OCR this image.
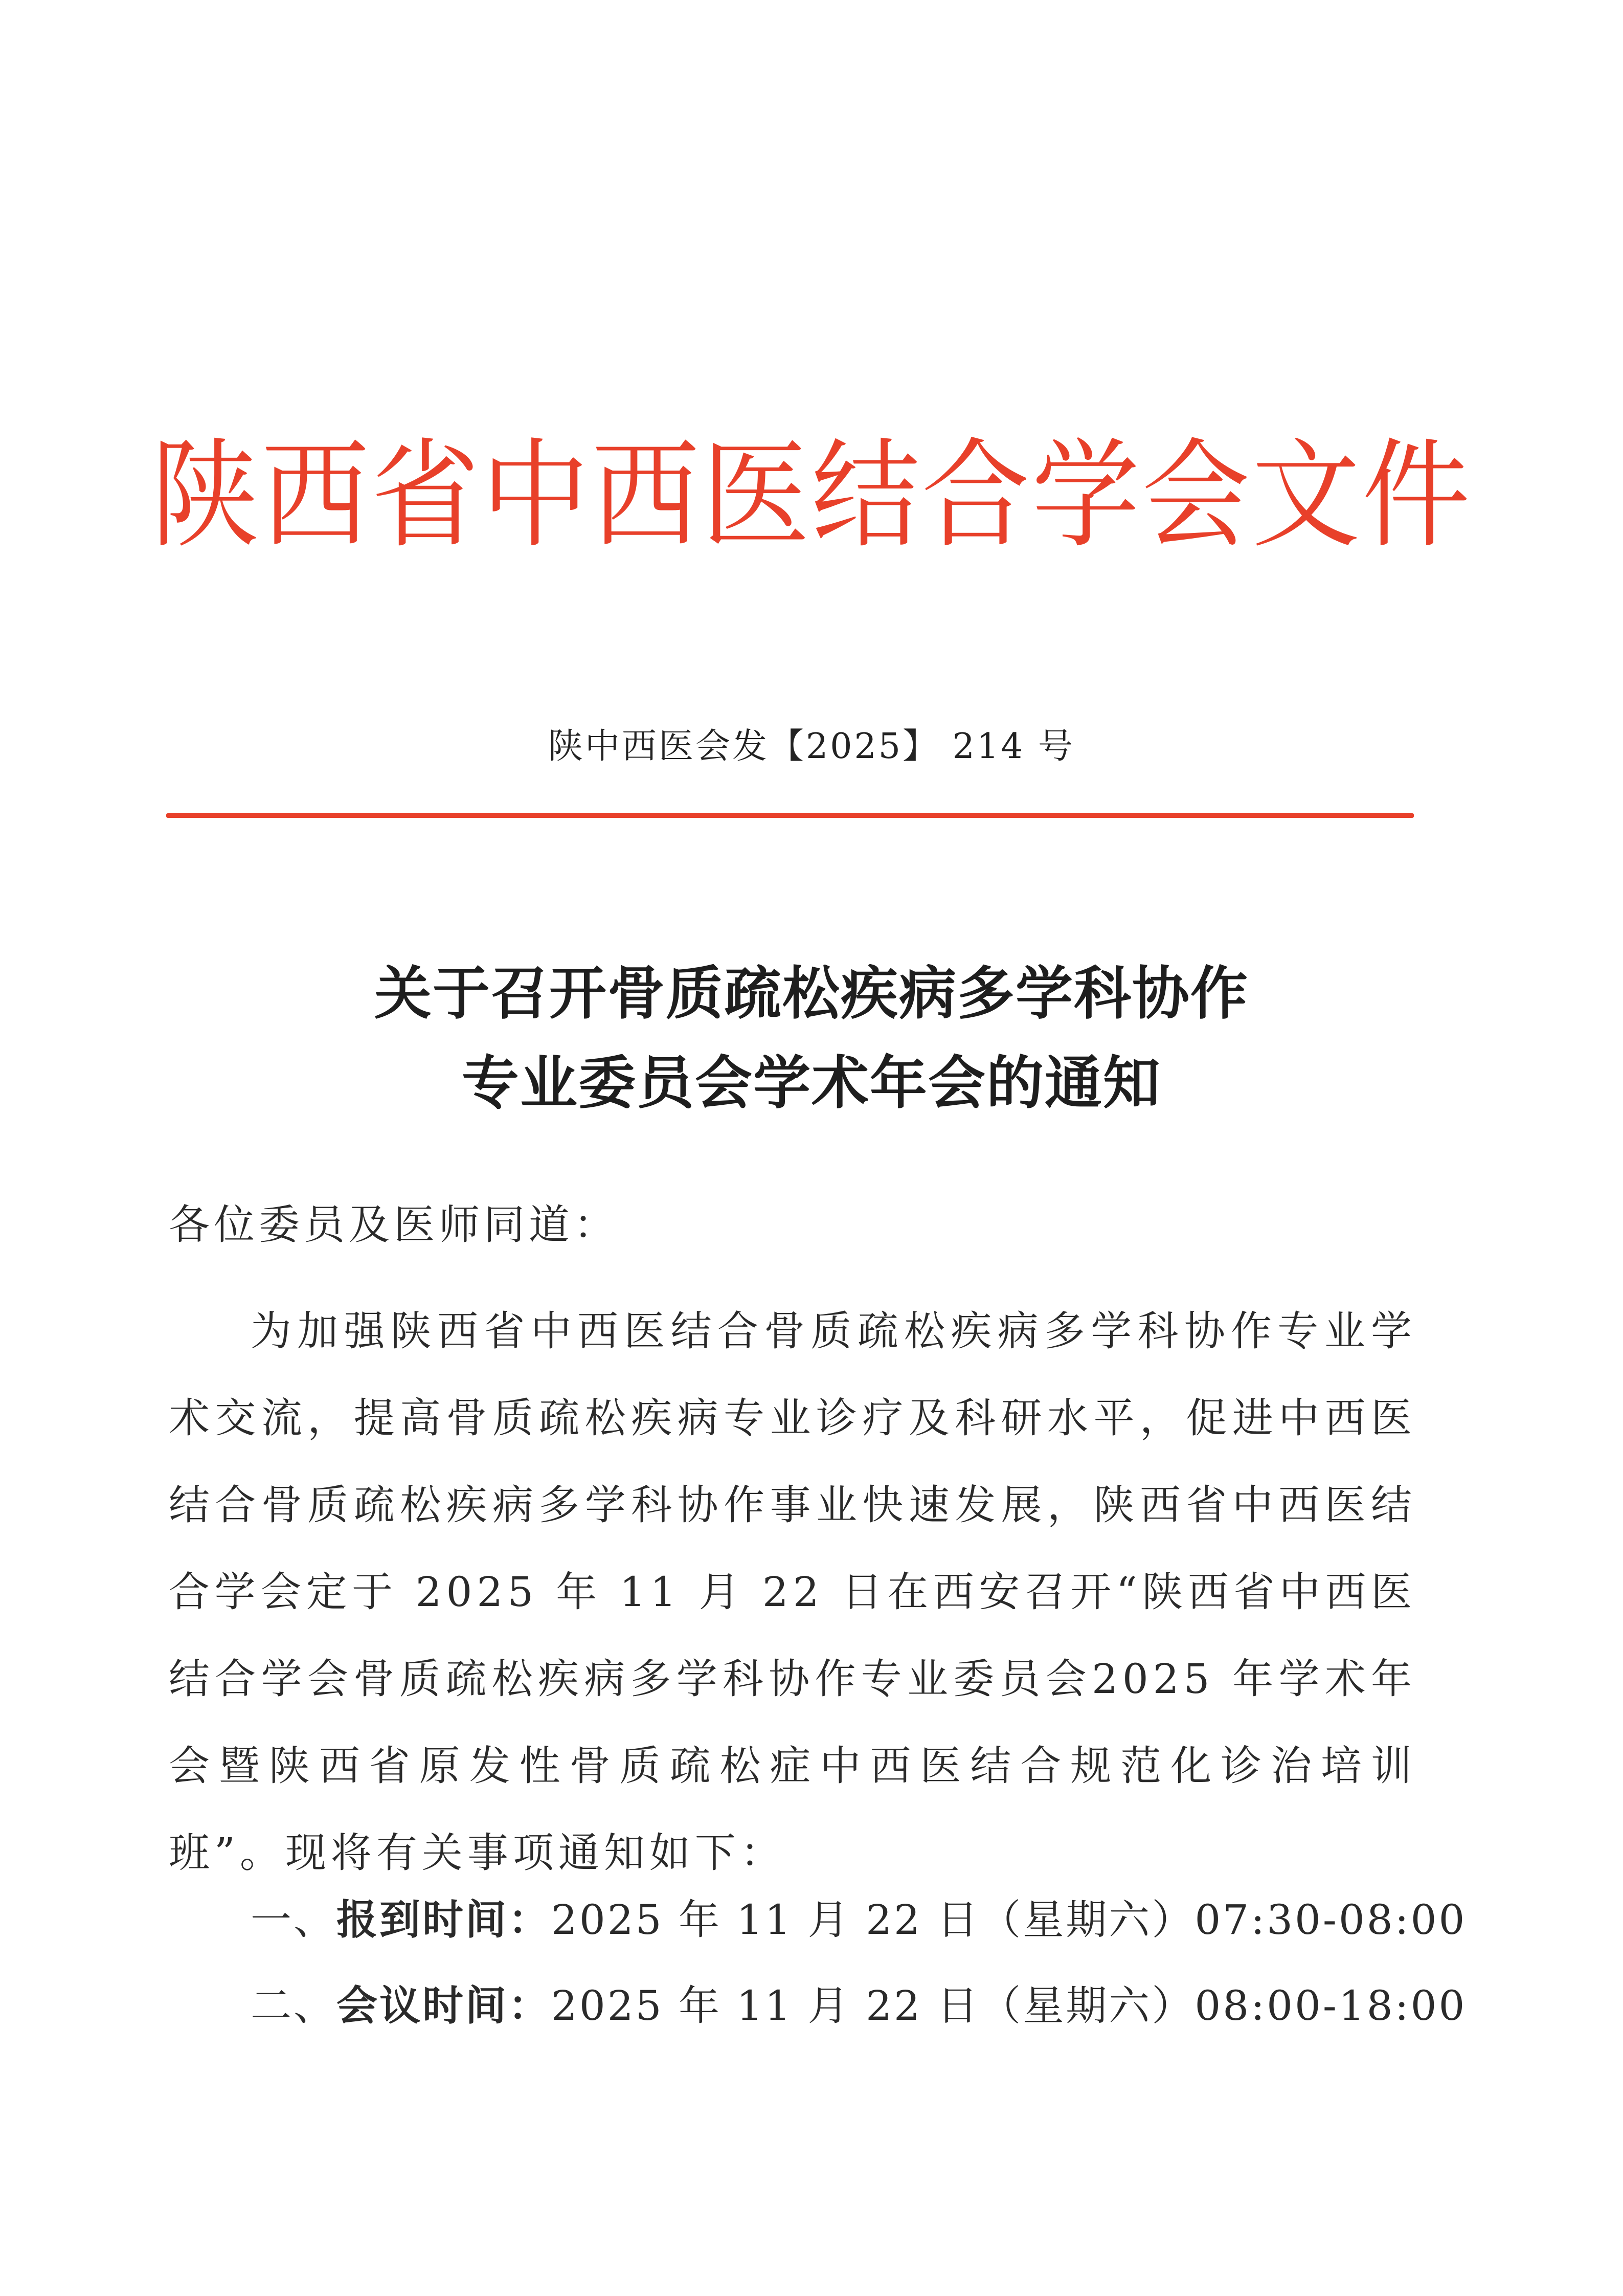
陕西省中西医结合学会文件
陕中西医会发【2025】 214 号
关于召开骨质疏松疾病多学科协作
专业委员会学术年会的通知
各位委员及医师同道：
为加强陕西省中西医结合骨质疏松疾病多学科协作专业学术交流，提高骨质疏松疾病专业诊疗及科研水平，促进中西医结合骨质疏松疾病多学科协作事业快速发展，陕西省中西医结合学会定于 2025 年 11 月 22 日在西安召开“陕西省中西医结合学会骨质疏松疾病多学科协作专业委员会2025 年学术年会暨陕西省原发性骨质疏松症中西医结合规范化诊治培训班”。现将有关事项通知如下：
一、报到时间：2025 年 11 月 22 日（星期六）07:30-08:00
二、会议时间：2025 年 11 月 22 日（星期六）08:00-18:00
